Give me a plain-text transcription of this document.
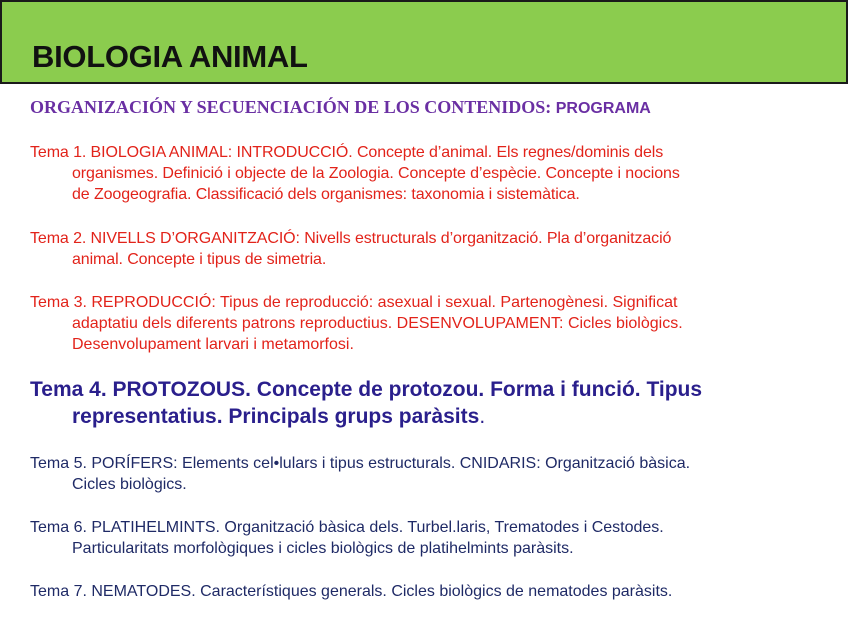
BIOLOGIA ANIMAL
ORGANIZACIÓN Y SECUENCIACIÓN DE LOS CONTENIDOS: PROGRAMA
Tema 1. BIOLOGIA ANIMAL: INTRODUCCIÓ. Concepte d’animal. Els regnes/dominis dels
organismes. Definició i objecte de la Zoologia. Concepte d’espècie. Concepte i nocions
de Zoogeografia. Classificació dels organismes: taxonomia i sistemàtica.
Tema 2. NIVELLS D’ORGANITZACIÓ: Nivells estructurals d’organització. Pla d’organització
animal. Concepte i tipus de simetria.
Tema 3. REPRODUCCIÓ: Tipus de reproducció: asexual i sexual. Partenogènesi. Significat
adaptatiu dels diferents patrons reproductius. DESENVOLUPAMENT: Cicles biològics.
Desenvolupament larvari i metamorfosi.
Tema 4. PROTOZOUS. Concepte de protozou. Forma i funció. Tipus
representatius. Principals grups paràsits.
Tema 5. PORÍFERS: Elements cel•lulars i tipus estructurals. CNIDARIS: Organització bàsica.
Cicles biològics.
Tema 6. PLATIHELMINTS. Organització bàsica dels. Turbel.laris, Trematodes i Cestodes.
Particularitats morfològiques i cicles biològics de platihelmints paràsits.
Tema 7. NEMATODES. Característiques generals. Cicles biològics de nematodes paràsits.
